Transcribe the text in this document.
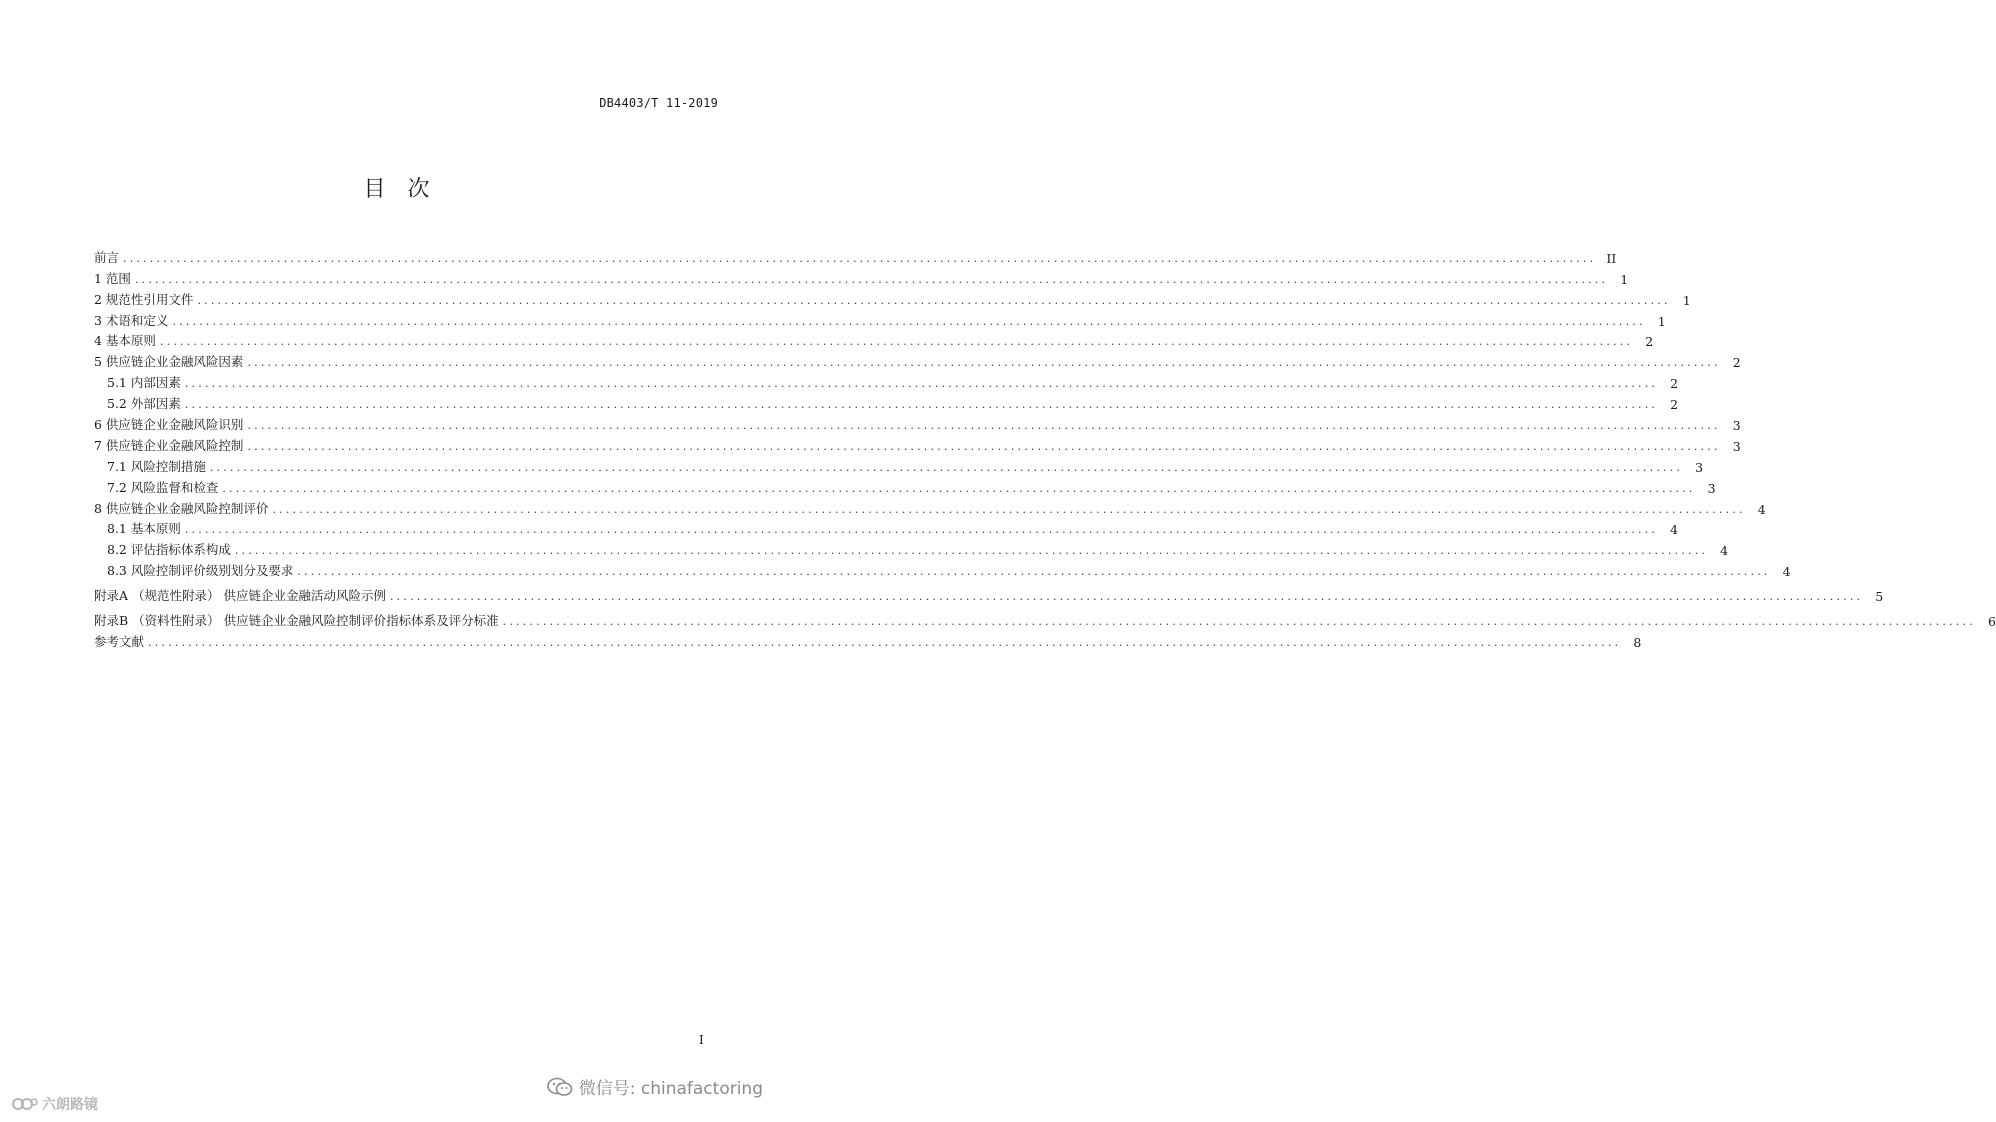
DB4403/T 11-2019
目次
前言 ............................................................................................................................................................................................................................ II
1 范围 ............................................................................................................................................................................................................................ 1
2 规范性引用文件 ............................................................................................................................................................................................................................ 1
3 术语和定义 ............................................................................................................................................................................................................................ 1
4 基本原则 ............................................................................................................................................................................................................................ 2
5 供应链企业金融风险因素 ............................................................................................................................................................................................................................ 2
5.1 内部因素 ............................................................................................................................................................................................................................ 2
5.2 外部因素 ............................................................................................................................................................................................................................ 2
6 供应链企业金融风险识别 ............................................................................................................................................................................................................................ 3
7 供应链企业金融风险控制 ............................................................................................................................................................................................................................ 3
7.1 风险控制措施 ............................................................................................................................................................................................................................ 3
7.2 风险监督和检查 ............................................................................................................................................................................................................................ 3
8 供应链企业金融风险控制评价 ............................................................................................................................................................................................................................ 4
8.1 基本原则 ............................................................................................................................................................................................................................ 4
8.2 评估指标体系构成 ............................................................................................................................................................................................................................ 4
8.3 风险控制评价级别划分及要求 ............................................................................................................................................................................................................................ 4
附录A （规范性附录） 供应链企业金融活动风险示例 ............................................................................................................................................................................................................................ 5
附录B （资料性附录） 供应链企业金融风险控制评价指标体系及评分标准 ............................................................................................................................................................................................................................ 6
参考文献 ............................................................................................................................................................................................................................ 8
I
微信号: chinafactoring
六朗路镜
